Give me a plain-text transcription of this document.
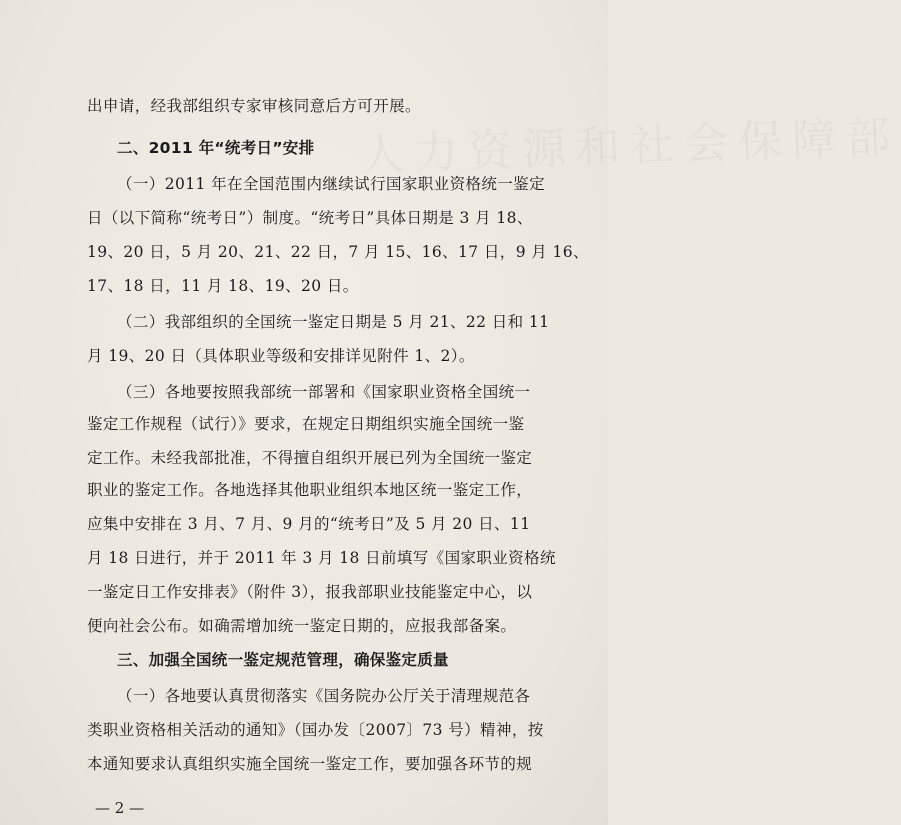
人力资源和社会保障部
出申请，经我部组织专家审核同意后方可开展。
二、2011 年“统考日”安排
（一）2011 年在全国范围内继续试行国家职业资格统一鉴定
日（以下简称“统考日”）制度。“统考日”具体日期是 3 月 18、
19、20 日，5 月 20、21、22 日，7 月 15、16、17 日，9 月 16、
17、18 日，11 月 18、19、20 日。
（二）我部组织的全国统一鉴定日期是 5 月 21、22 日和 11
月 19、20 日（具体职业等级和安排详见附件 1、2）。
（三）各地要按照我部统一部署和《国家职业资格全国统一
鉴定工作规程（试行）》要求，在规定日期组织实施全国统一鉴
定工作。未经我部批准，不得擅自组织开展已列为全国统一鉴定
职业的鉴定工作。各地选择其他职业组织本地区统一鉴定工作，
应集中安排在 3 月、7 月、9 月的“统考日”及 5 月 20 日、11
月 18 日进行，并于 2011 年 3 月 18 日前填写《国家职业资格统
一鉴定日工作安排表》（附件 3），报我部职业技能鉴定中心，以
便向社会公布。如确需增加统一鉴定日期的，应报我部备案。
三、加强全国统一鉴定规范管理，确保鉴定质量
（一）各地要认真贯彻落实《国务院办公厅关于清理规范各
类职业资格相关活动的通知》（国办发〔2007〕73 号）精神，按
本通知要求认真组织实施全国统一鉴定工作，要加强各环节的规
— 2 —
